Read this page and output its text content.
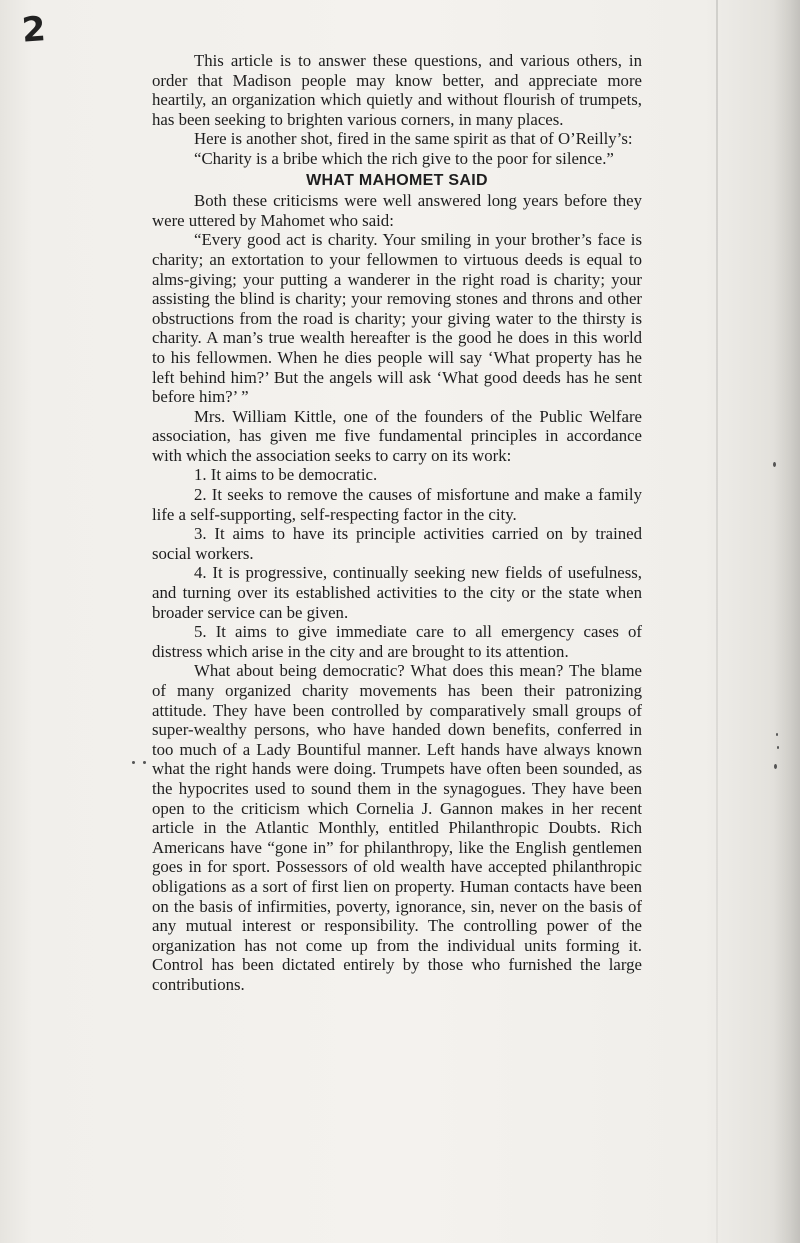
2

This article is to answer these questions, and various others, in order that Madison people may know better, and appreciate more heartily, an organization which quietly and without flourish of trumpets, has been seeking to brighten various corners, in many places.

Here is another shot, fired in the same spirit as that of O’Reilly’s:

“Charity is a bribe which the rich give to the poor for silence.”

WHAT MAHOMET SAID

Both these criticisms were well answered long years before they were uttered by Mahomet who said:

“Every good act is charity. Your smiling in your brother’s face is charity; an extortation to your fellowmen to virtuous deeds is equal to alms-giving; your putting a wanderer in the right road is charity; your assisting the blind is charity; your removing stones and throns and other obstructions from the road is charity; your giving water to the thirsty is charity. A man’s true wealth hereafter is the good he does in this world to his fellowmen. When he dies people will say ‘What property has he left behind him?’ But the angels will ask ‘What good deeds has he sent before him?’ ”

Mrs. William Kittle, one of the founders of the Public Welfare association, has given me five fundamental principles in accordance with which the association seeks to carry on its work:

1. It aims to be democratic.

2. It seeks to remove the causes of misfortune and make a family life a self-supporting, self-respecting factor in the city.

3. It aims to have its principle activities carried on by trained social workers.

4. It is progressive, continually seeking new fields of usefulness, and turning over its established activities to the city or the state when broader service can be given.

5. It aims to give immediate care to all emergency cases of distress which arise in the city and are brought to its attention.

What about being democratic? What does this mean? The blame of many organized charity movements has been their patronizing attitude. They have been controlled by comparatively small groups of super-wealthy persons, who have handed down benefits, conferred in too much of a Lady Bountiful manner. Left hands have always known what the right hands were doing. Trumpets have often been sounded, as the hypocrites used to sound them in the synagogues. They have been open to the criticism which Cornelia J. Gannon makes in her recent article in the Atlantic Monthly, entitled Philanthropic Doubts. Rich Americans have “gone in” for philanthropy, like the English gentlemen goes in for sport. Possessors of old wealth have accepted philanthropic obligations as a sort of first lien on property. Human contacts have been on the basis of infirmities, poverty, ignorance, sin, never on the basis of any mutual interest or responsibility. The controlling power of the organization has not come up from the individual units forming it. Control has been dictated entirely by those who furnished the large contributions.
